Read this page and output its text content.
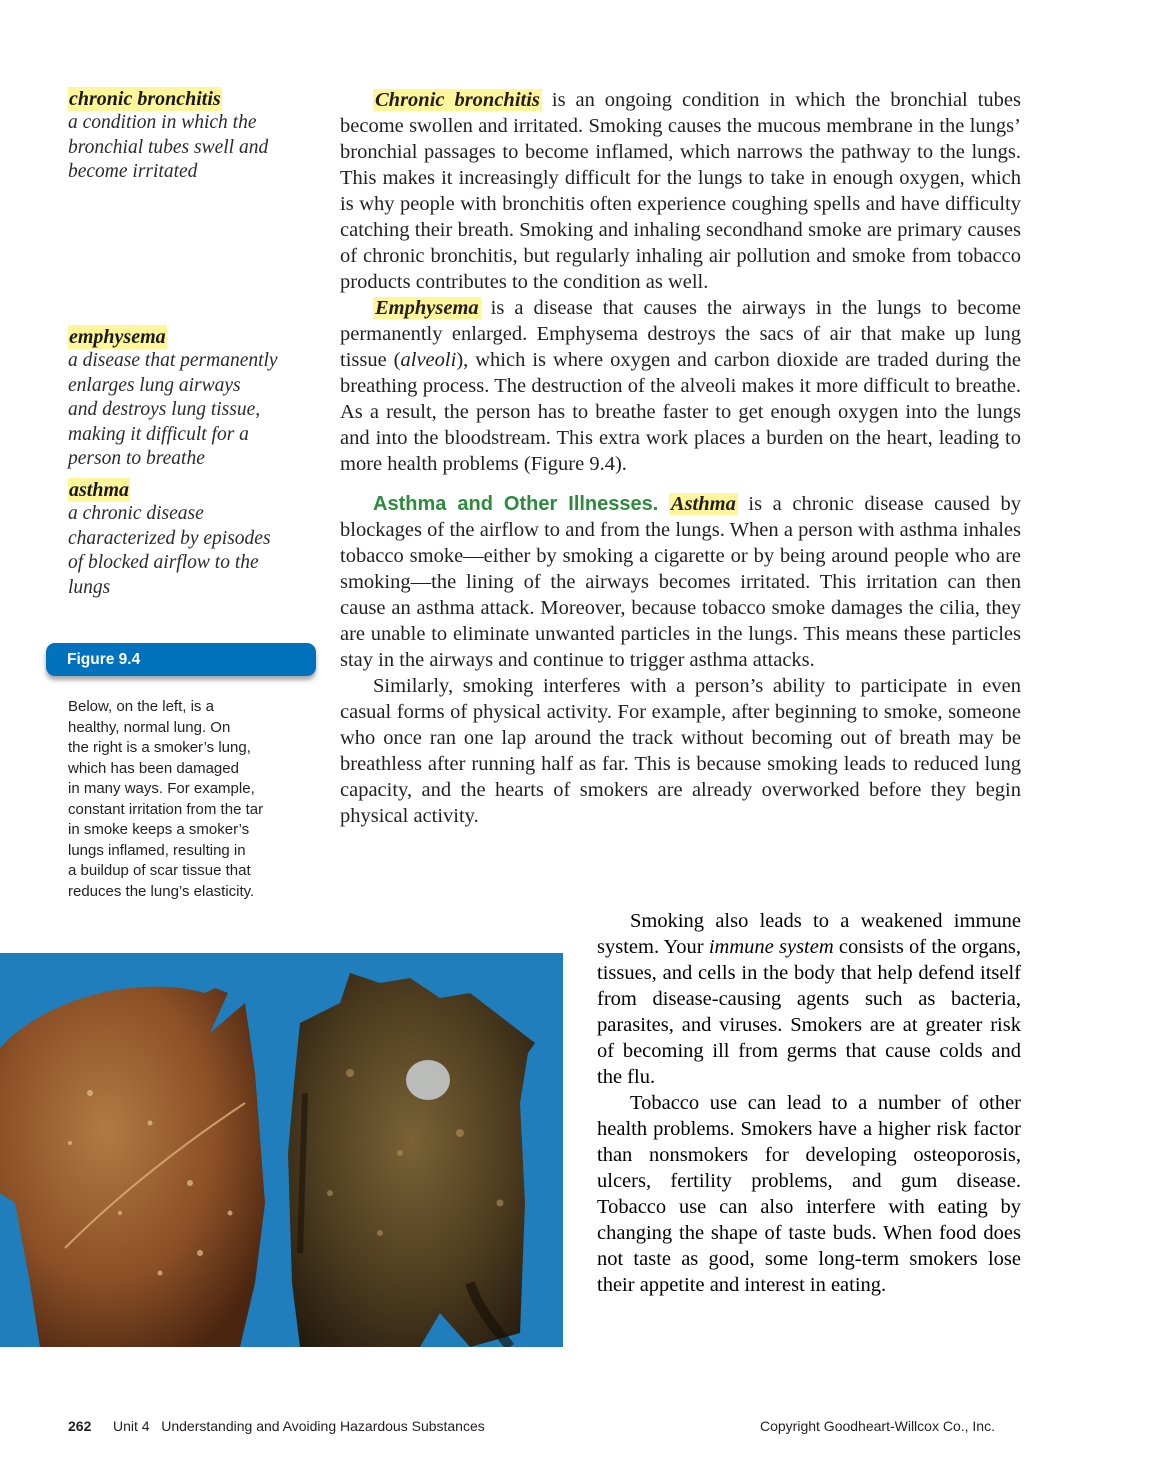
chronic bronchitis
a condition in which the
bronchial tubes swell and
become irritated
emphysema
a disease that permanently
enlarges lung airways
and destroys lung tissue,
making it difficult for a
person to breathe
asthma
a chronic disease
characterized by episodes
of blocked airflow to the
lungs
Figure 9.4
Below, on the left, is a
healthy, normal lung. On
the right is a smoker’s lung,
which has been damaged
in many ways. For example,
constant irritation from the tar
in smoke keeps a smoker’s
lungs inflamed, resulting in
a buildup of scar tissue that
reduces the lung’s elasticity.

Chronic bronchitis is an ongoing condition in which the bronchial tubes become swollen and irritated. Smoking causes the mucous membrane in the lungs’ bronchial passages to become inflamed, which narrows the pathway to the lungs. This makes it increasingly difficult for the lungs to take in enough oxygen, which is why people with bronchitis often experience coughing spells and have difficulty catching their breath. Smoking and inhaling secondhand smoke are primary causes of chronic bronchitis, but regularly inhaling air pollution and smoke from tobacco products contributes to the condition as well.

Emphysema is a disease that causes the airways in the lungs to become permanently enlarged. Emphysema destroys the sacs of air that make up lung tissue (alveoli), which is where oxygen and carbon dioxide are traded during the breathing process. The destruction of the alveoli makes it more difficult to breathe. As a result, the person has to breathe faster to get enough oxygen into the lungs and into the bloodstream. This extra work places a burden on the heart, leading to more health problems (Figure 9.4).

Asthma and Other Illnesses. Asthma is a chronic disease caused by blockages of the airflow to and from the lungs. When a person with asthma inhales tobacco smoke—either by smoking a cigarette or by being around people who are smoking—the lining of the airways becomes irritated. This irritation can then cause an asthma attack. Moreover, because tobacco smoke damages the cilia, they are unable to eliminate unwanted particles in the lungs. This means these particles stay in the airways and continue to trigger asthma attacks.

Similarly, smoking interferes with a person’s ability to participate in even casual forms of physical activity. For example, after beginning to smoke, someone who once ran one lap around the track without becoming out of breath may be breathless after running half as far. This is because smoking leads to reduced lung capacity, and the hearts of smokers are already overworked before they begin physical activity.

Smoking also leads to a weakened immune system. Your immune system consists of the organs, tissues, and cells in the body that help defend itself from disease-causing agents such as bacteria, parasites, and viruses. Smokers are at greater risk of becoming ill from germs that cause colds and the flu.

Tobacco use can lead to a number of other health problems. Smokers have a higher risk factor than nonsmokers for developing osteoporosis, ulcers, fertility problems, and gum disease. Tobacco use can also interfere with eating by changing the shape of taste buds. When food does not taste as good, some long-term smokers lose their appetite and interest in eating.

262 Unit 4   Understanding and Avoiding Hazardous Substances	Copyright Goodheart-Willcox Co., Inc.
